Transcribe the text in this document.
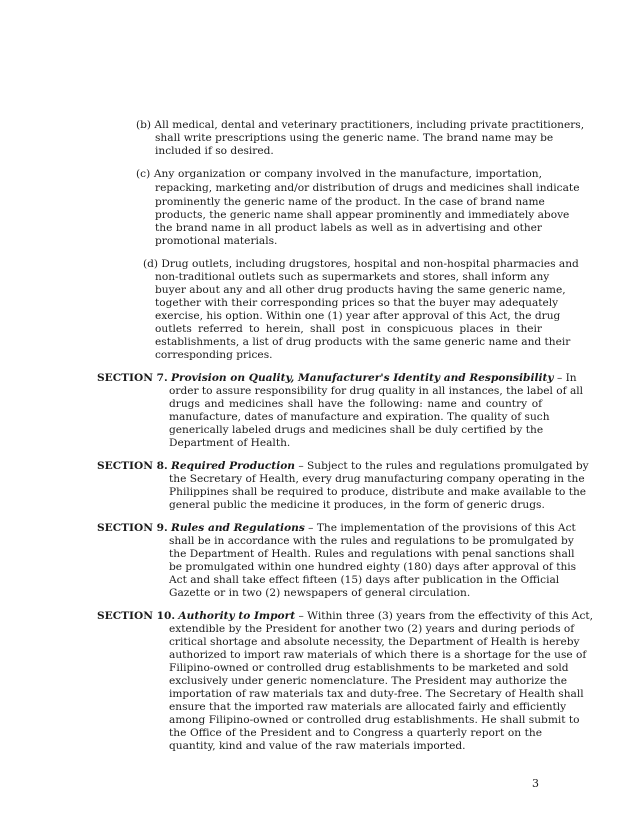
(b) All medical, dental and veterinary practitioners, including private practitioners,
shall write prescriptions using the generic name. The brand name may be
included if so desired.
(c) Any organization or company involved in the manufacture, importation,
repacking, marketing and/or distribution of drugs and medicines shall indicate
prominently the generic name of the product. In the case of brand name
products, the generic name shall appear prominently and immediately above
the brand name in all product labels as well as in advertising and other
promotional materials.
(d) Drug outlets, including drugstores, hospital and non-hospital pharmacies and
non-traditional outlets such as supermarkets and stores, shall inform any
buyer about any and all other drug products having the same generic name,
together with their corresponding prices so that the buyer may adequately
exercise, his option. Within one (1) year after approval of this Act, the drug
outlets referred to herein, shall post in conspicuous places in their
establishments, a list of drug products with the same generic name and their
corresponding prices.
SECTION 7. Provision on Quality, Manufacturer's Identity and Responsibility – In
order to assure responsibility for drug quality in all instances, the label of all
drugs and medicines shall have the following: name and country of
manufacture, dates of manufacture and expiration. The quality of such
generically labeled drugs and medicines shall be duly certified by the
Department of Health.
SECTION 8. Required Production – Subject to the rules and regulations promulgated by
the Secretary of Health, every drug manufacturing company operating in the
Philippines shall be required to produce, distribute and make available to the
general public the medicine it produces, in the form of generic drugs.
SECTION 9. Rules and Regulations – The implementation of the provisions of this Act
shall be in accordance with the rules and regulations to be promulgated by
the Department of Health. Rules and regulations with penal sanctions shall
be promulgated within one hundred eighty (180) days after approval of this
Act and shall take effect fifteen (15) days after publication in the Official
Gazette or in two (2) newspapers of general circulation.
SECTION 10. Authority to Import – Within three (3) years from the effectivity of this Act,
extendible by the President for another two (2) years and during periods of
critical shortage and absolute necessity, the Department of Health is hereby
authorized to import raw materials of which there is a shortage for the use of
Filipino-owned or controlled drug establishments to be marketed and sold
exclusively under generic nomenclature. The President may authorize the
importation of raw materials tax and duty-free. The Secretary of Health shall
ensure that the imported raw materials are allocated fairly and efficiently
among Filipino-owned or controlled drug establishments. He shall submit to
the Office of the President and to Congress a quarterly report on the
quantity, kind and value of the raw materials imported.
3
